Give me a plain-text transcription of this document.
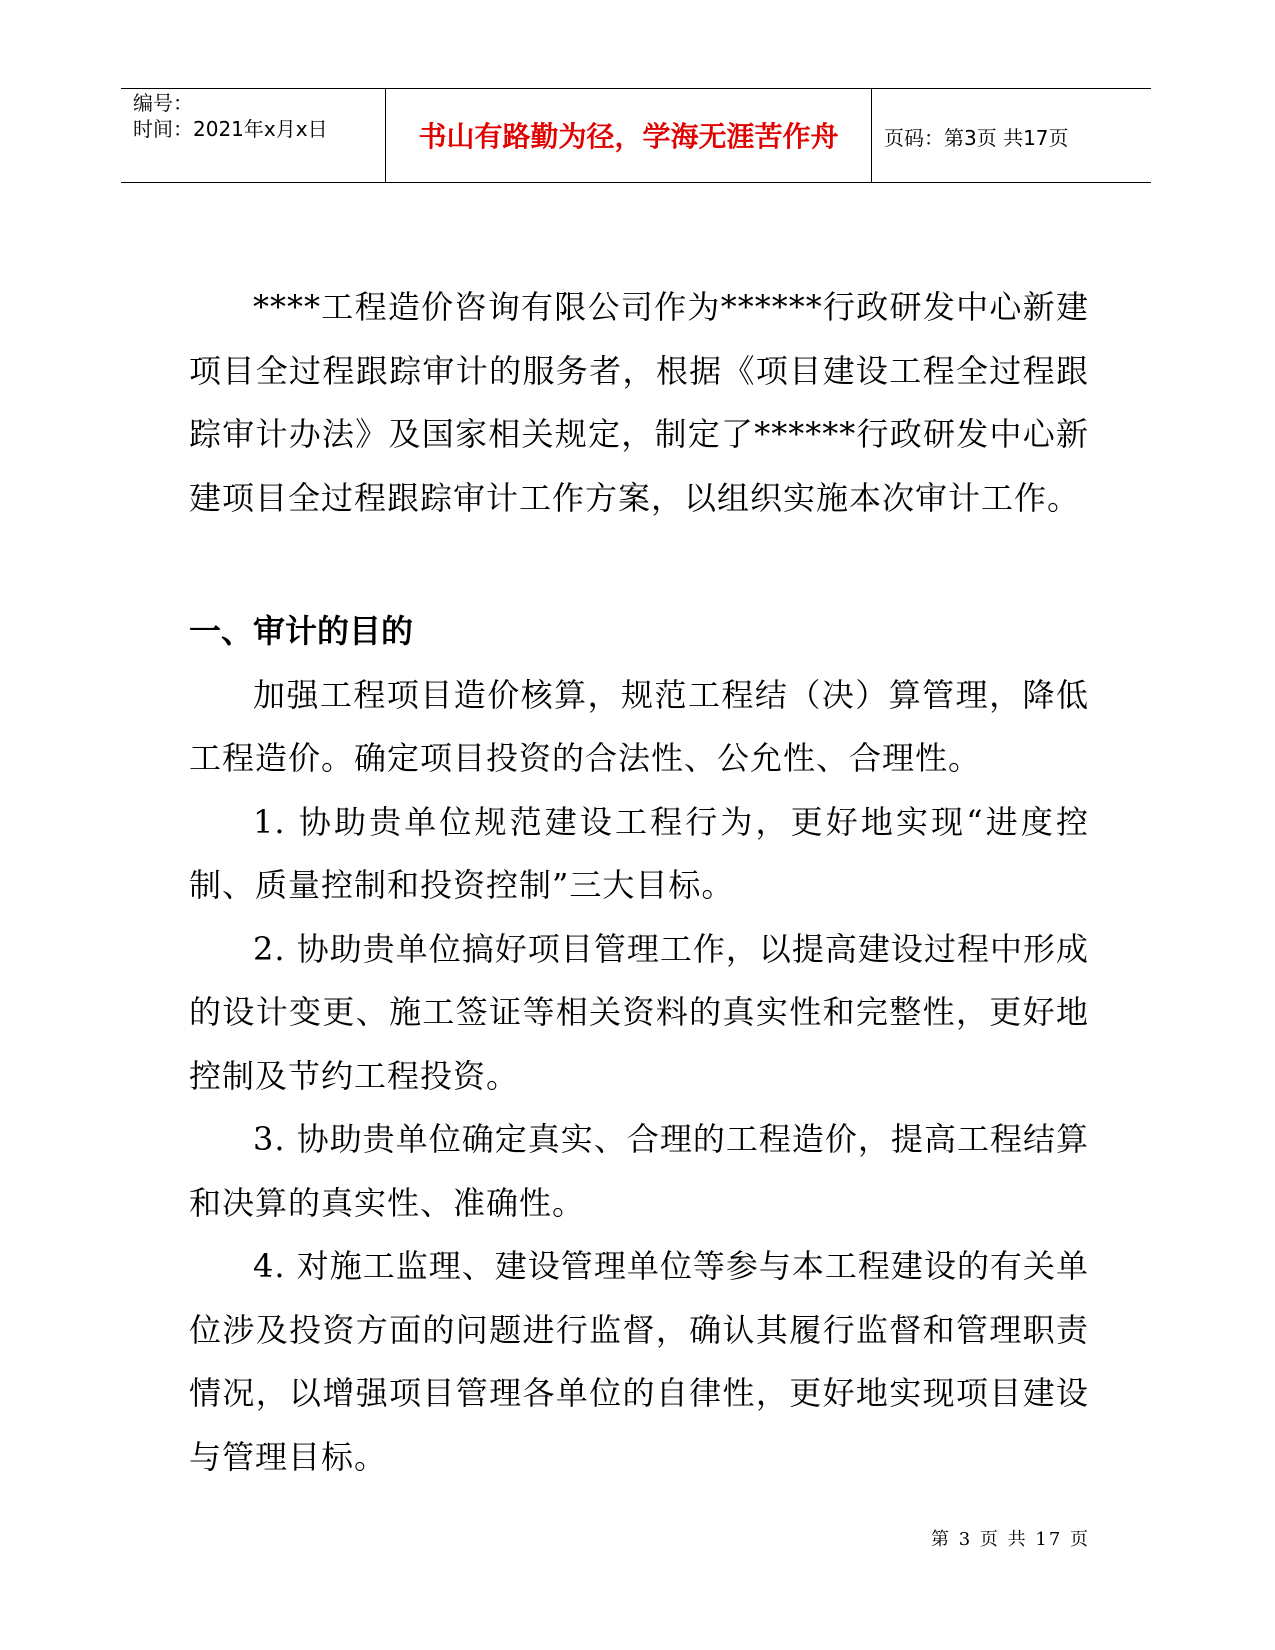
编号：
时间：2021年x月x日	书山有路勤为径，学海无涯苦作舟	页码：第3页 共17页

****工程造价咨询有限公司作为******行政研发中心新建项目全过程跟踪审计的服务者，根据《项目建设工程全过程跟踪审计办法》及国家相关规定，制定了******行政研发中心新建项目全过程跟踪审计工作方案，以组织实施本次审计工作。

一、审计的目的

加强工程项目造价核算，规范工程结（决）算管理，降低工程造价。确定项目投资的合法性、公允性、合理性。

1. 协助贵单位规范建设工程行为，更好地实现“进度控制、质量控制和投资控制”三大目标。

2. 协助贵单位搞好项目管理工作，以提高建设过程中形成的设计变更、施工签证等相关资料的真实性和完整性，更好地控制及节约工程投资。

3. 协助贵单位确定真实、合理的工程造价，提高工程结算和决算的真实性、准确性。

4. 对施工监理、建设管理单位等参与本工程建设的有关单位涉及投资方面的问题进行监督，确认其履行监督和管理职责情况，以增强项目管理各单位的自律性，更好地实现项目建设与管理目标。

第 3 页 共 17 页
